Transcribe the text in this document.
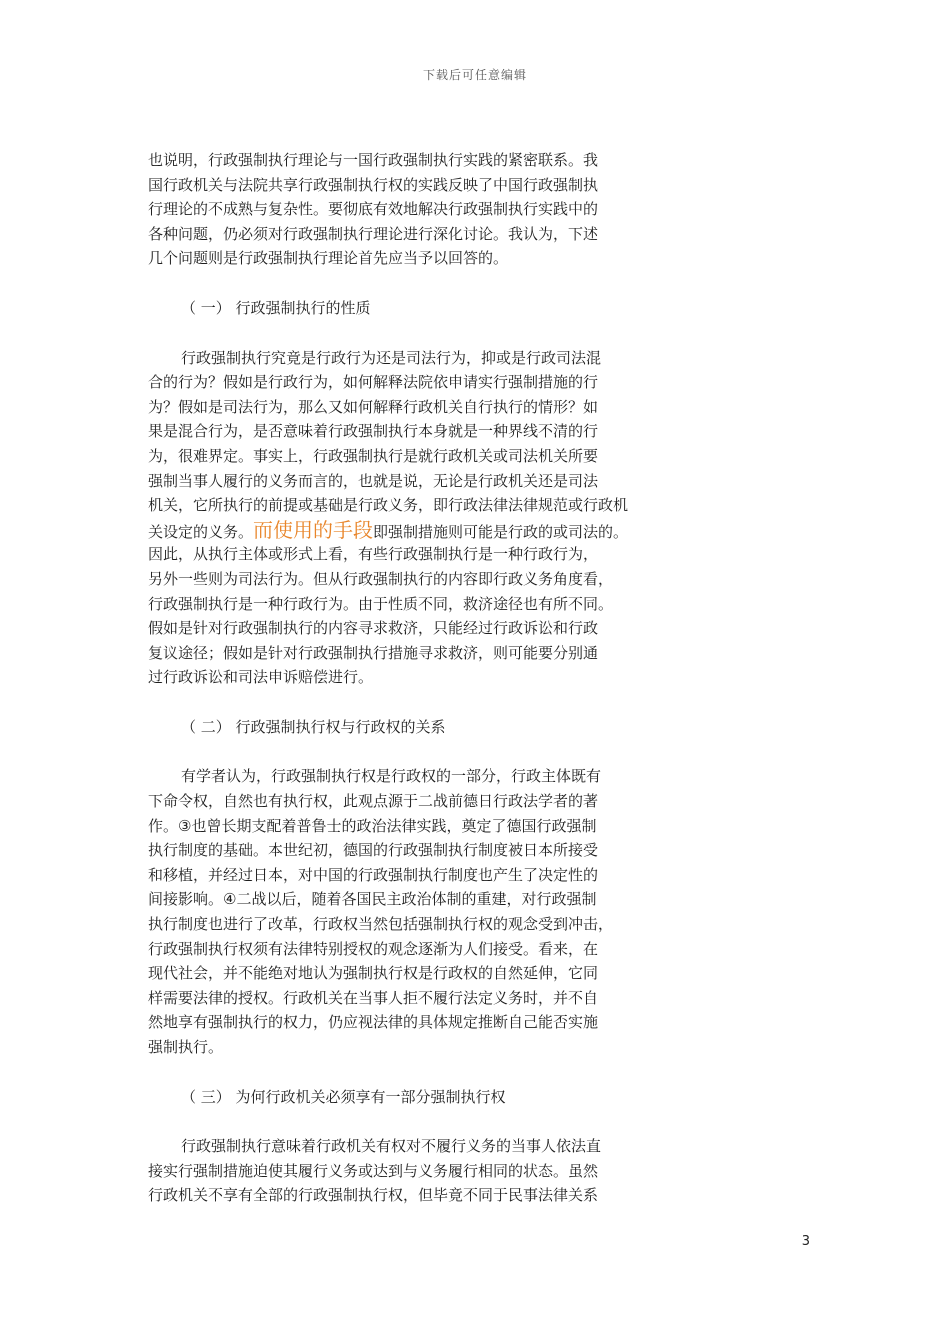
下载后可任意编辑
也说明，行政强制执行理论与一国行政强制执行实践的紧密联系。我
国行政机关与法院共享行政强制执行权的实践反映了中国行政强制执
行理论的不成熟与复杂性。要彻底有效地解决行政强制执行实践中的
各种问题，仍必须对行政强制执行理论进行深化讨论。我认为，下述
几个问题则是行政强制执行理论首先应当予以回答的。
（ 一） 行政强制执行的性质
行政强制执行究竟是行政行为还是司法行为，抑或是行政司法混
合的行为？假如是行政行为，如何解释法院依申请实行强制措施的行
为？假如是司法行为，那么又如何解释行政机关自行执行的情形？如
果是混合行为，是否意味着行政强制执行本身就是一种界线不清的行
为，很难界定。事实上，行政强制执行是就行政机关或司法机关所要
强制当事人履行的义务而言的，也就是说，无论是行政机关还是司法
机关，它所执行的前提或基础是行政义务，即行政法律法律规范或行政机
关设定的义务。而使用的手段即强制措施则可能是行政的或司法的。
因此，从执行主体或形式上看，有些行政强制执行是一种行政行为，
另外一些则为司法行为。但从行政强制执行的内容即行政义务角度看，
行政强制执行是一种行政行为。由于性质不同，救济途径也有所不同。
假如是针对行政强制执行的内容寻求救济，只能经过行政诉讼和行政
复议途径；假如是针对行政强制执行措施寻求救济，则可能要分别通
过行政诉讼和司法申诉赔偿进行。
（ 二） 行政强制执行权与行政权的关系
有学者认为，行政强制执行权是行政权的一部分，行政主体既有
下命令权，自然也有执行权，此观点源于二战前德日行政法学者的著
作。③也曾长期支配着普鲁士的政治法律实践，奠定了德国行政强制
执行制度的基础。本世纪初，德国的行政强制执行制度被日本所接受
和移植，并经过日本，对中国的行政强制执行制度也产生了决定性的
间接影响。④二战以后，随着各国民主政治体制的重建，对行政强制
执行制度也进行了改革，行政权当然包括强制执行权的观念受到冲击，
行政强制执行权须有法律特别授权的观念逐渐为人们接受。看来，在
现代社会，并不能绝对地认为强制执行权是行政权的自然延伸，它同
样需要法律的授权。行政机关在当事人拒不履行法定义务时，并不自
然地享有强制执行的权力，仍应视法律的具体规定推断自己能否实施
强制执行。
（ 三） 为何行政机关必须享有一部分强制执行权
行政强制执行意味着行政机关有权对不履行义务的当事人依法直
接实行强制措施迫使其履行义务或达到与义务履行相同的状态。虽然
行政机关不享有全部的行政强制执行权，但毕竟不同于民事法律关系
3
